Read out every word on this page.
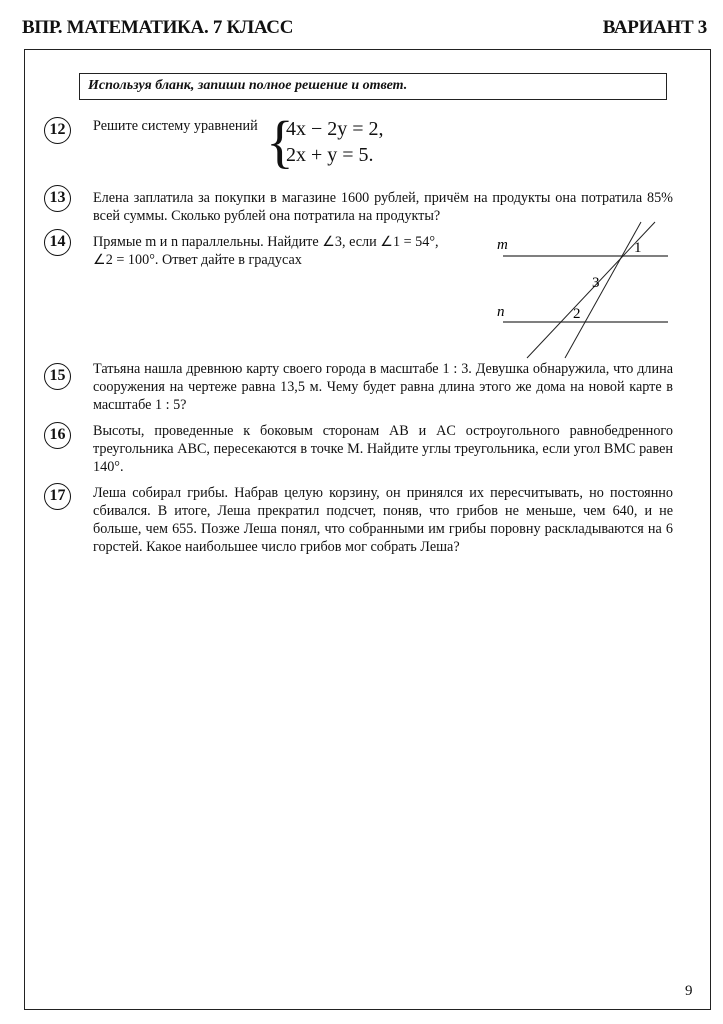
ВПР. МАТЕМАТИКА. 7 КЛАСС	ВАРИАНТ 3
Используя бланк, запиши полное решение и ответ.
12	Решите систему уравнений {
4x − 2y = 2,
2x + y = 5.
13	Елена заплатила за покупки в магазине 1600 рублей, причём на продукты она потратила 85% всей суммы. Сколько рублей она потратила на продукты?
14	Прямые m и n параллельны. Найдите ∠3, если ∠1 = 54°, ∠2 = 100°. Ответ дайте в градусах
m
n
1
3
2
15	Татьяна нашла древнюю карту своего города в масштабе 1 : 3. Девушка обнаружила, что длина сооружения на чертеже равна 13,5 м. Чему будет равна длина этого же дома на новой карте в масштабе 1 : 5?
16	Высоты, проведенные к боковым сторонам AB и AC остроугольного равнобедренного треугольника ABC, пересекаются в точке M. Найдите углы треугольника, если угол BMC равен 140°.
17	Леша собирал грибы. Набрав целую корзину, он принялся их пересчитывать, но постоянно сбивался. В итоге, Леша прекратил подсчет, поняв, что грибов не меньше, чем 640, и не больше, чем 655. Позже Леша понял, что собранными им грибы поровну раскладываются на 6 горстей. Какое наибольшее число грибов мог собрать Леша?
9
